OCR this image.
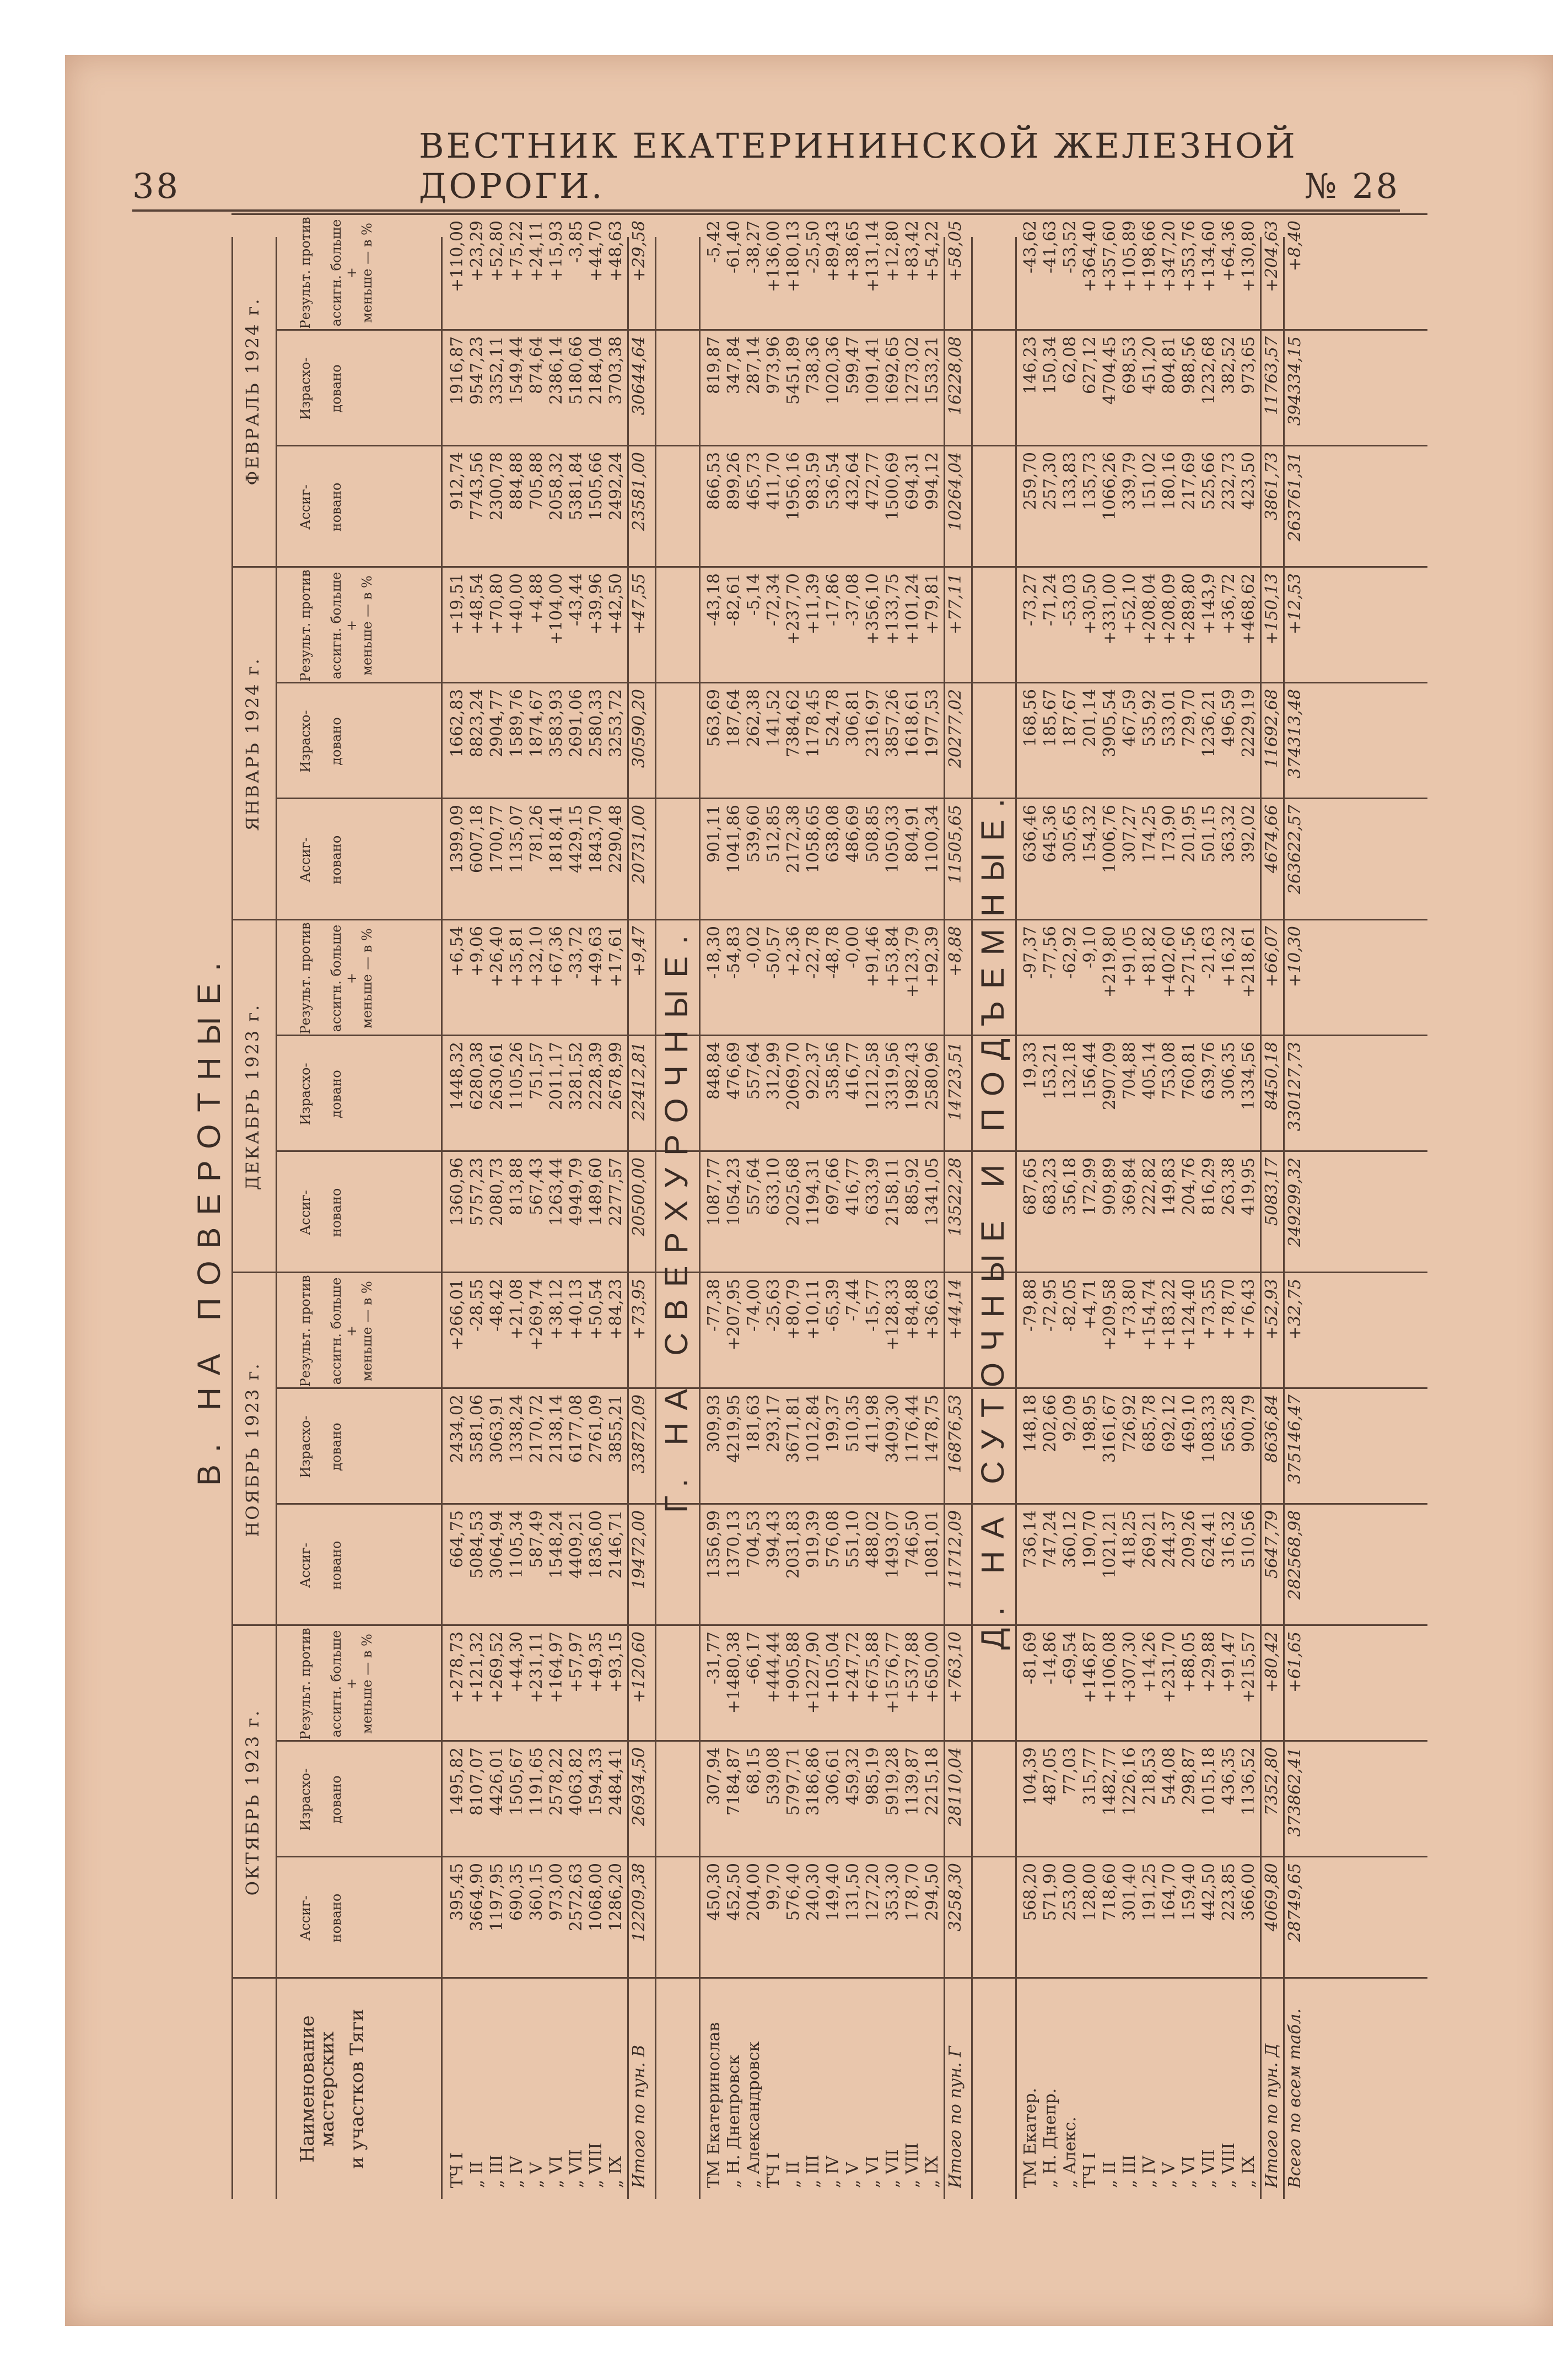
38
ВЕСТНИК ЕКАТЕРИНИНСКОЙ ЖЕЛЕЗНОЙ ДОРОГИ.	№ 28
В. НА ПОВЕРОТНЫЕ.
Наименование мастерских и участков Тяги
ОКТЯБРЬ 1923 г.
Ассиг- новано
Израсхо- довано
Результ. против ассигн. больше + меньше — в %
НОЯБРЬ 1923 г.
Ассиг- новано
Израсхо- довано
Результ. против ассигн. больше + меньше — в %
ДЕКАБРЬ 1923 г.
Ассиг- новано
Израсхо- довано
Результ. против ассигн. больше + меньше — в %
ЯНВАРЬ 1924 г.
Ассиг- новано
Израсхо- довано
Результ. против ассигн. больше + меньше — в %
ФЕВРАЛЬ 1924 г.
Ассиг- новано
Израсхо- довано
Результ. против ассигн. больше + меньше — в %
ТЧ I
395,45
1495,82
+278,73
664,75
2434,02
+266,01
1360,96
1448,32
+6,54
1399,09
1662,83
+19,51
912,74
1916,87
+110,00
„ II
3664,90
8107,07
+121,32
5084,53
3581,06
-28,55
5757,23
6280,38
+9,06
6007,18
8823,24
+48,54
7743,56
9547,23
+23,29
„ III
1197,95
4426,01
+269,52
3064,94
3063,91
-48,42
2080,73
2630,61
+26,40
1700,77
2904,77
+70,80
2300,78
3352,11
+52,80
„ IV
690,35
1505,67
+44,30
1105,34
1338,24
+21,08
813,88
1105,26
+35,81
1135,07
1589,76
+40,00
884,88
1549,44
+75,22
„ V
360,15
1191,65
+231,11
587,49
2170,72
+269,74
567,43
751,57
+32,10
781,26
1874,67
+4,88
705,88
874,64
+24,11
„ VI
973,00
2578,22
+164,97
1548,24
2138,14
+38,12
1263,44
2011,17
+67,36
1818,41
3583,93
+104,00
2058,32
2386,14
+15,93
„ VII
2572,63
4063,82
+57,97
4409,21
6177,08
+40,13
4949,79
3281,52
-33,72
4429,15
2691,06
-43,44
5381,84
5180,66
-3,85
„ VIII
1068,00
1594,33
+49,35
1836,00
2761,09
+50,54
1489,60
2228,39
+49,63
1843,70
2580,33
+39,96
1505,66
2184,04
+44,70
„ IX
1286,20
2484,41
+93,15
2146,71
3855,21
+84,23
2277,57
2678,99
+17,61
2290,48
3253,72
+42,50
2492,24
3703,38
+48,63
Итого по пун. В
12209,38
26934,50
+120,60
19472,00
33872,09
+73,95
20500,00
22412,81
+9,47
20731,00
30590,20
+47,55
23581,00
30644,64
+29,58
Г. НА СВЕРХУРОЧНЫЕ.
ТМ Екатеринослав
450,30
307,94
-31,77
1356,99
309,93
-77,38
1087,77
848,84
-18,30
901,11
563,69
-43,18
866,53
819,87
-5,42
„ Н. Днепровск
452,50
7184,87
+1480,38
1370,13
4219,95
+207,95
1054,23
476,69
-54,83
1041,86
187,64
-82,61
899,26
347,84
-61,40
„ Александровск
204,00
68,15
-66,17
704,53
181,63
-74,00
557,64
557,64
-0,02
539,60
262,38
-5,14
465,73
287,14
-38,27
ТЧ I
99,70
539,08
+444,44
394,43
293,17
-25,63
633,10
312,99
-50,57
512,85
141,52
-72,34
411,70
973,96
+136,00
„ II
576,40
5797,71
+905,88
2031,83
3671,81
+80,79
2025,68
2069,70
+2,36
2172,38
7384,62
+237,70
1956,16
5451,89
+180,13
„ III
240,30
3186,86
+1227,90
919,39
1012,84
+10,11
1194,31
922,37
-22,78
1058,65
1178,45
+11,39
983,59
738,36
-25,50
„ IV
149,40
306,61
+105,04
576,08
199,37
-65,39
697,66
358,56
-48,78
638,08
524,78
-17,86
536,54
1020,36
+89,43
„ V
131,50
459,32
+247,72
551,10
510,35
-7,44
416,77
416,77
-0,00
486,69
306,81
-37,08
432,64
599,47
+38,65
„ VI
127,20
985,19
+675,88
488,02
411,98
-15,77
633,39
1212,58
+91,46
508,85
2316,97
+356,10
472,77
1091,41
+131,14
„ VII
353,30
5919,28
+1576,77
1493,07
3409,30
+128,33
2158,11
3319,56
+53,84
1050,33
3857,26
+133,75
1500,69
1692,65
+12,80
„ VIII
178,70
1139,87
+537,88
746,50
1176,44
+84,88
885,92
1982,43
+123,79
804,91
1618,61
+101,24
694,31
1273,02
+83,42
„ IX
294,50
2215,18
+650,00
1081,01
1478,75
+36,63
1341,05
2580,96
+92,39
1100,34
1977,53
+79,81
994,12
1533,21
+54,22
Итого по пун. Г
3258,30
28110,04
+763,10
11712,09
16876,53
+44,14
13522,28
14723,51
+8,88
11505,65
20277,02
+77,11
10264,04
16228,08
+58,05
Д. НА СУТОЧНЫЕ И ПОДЪЕМНЫЕ.
ТМ Екатер.
568,20
104,39
-81,69
736,14
148,18
-79,88
687,65
19,33
-97,37
636,46
168,56
-73,27
259,70
146,23
-43,62
„ Н. Днепр.
571,90
487,05
-14,86
747,24
202,66
-72,95
683,23
153,21
-77,56
645,36
185,67
-71,24
257,30
150,34
-41,63
„ Алекс.
253,00
77,03
-69,54
360,12
92,09
-82,05
356,18
132,18
-62,92
305,65
187,67
-53,03
133,83
62,08
-53,52
ТЧ I
128,00
315,77
+146,87
190,70
198,95
+4,71
172,99
156,44
-9,10
154,32
201,14
+30,50
135,73
627,12
+364,40
„ II
718,60
1482,77
+106,08
1021,21
3161,67
+209,58
909,89
2907,09
+219,80
1006,76
3905,54
+331,00
1066,26
4704,45
+357,60
„ III
301,40
1226,16
+307,30
418,25
726,92
+73,80
369,84
704,88
+91,05
307,27
467,59
+52,10
339,79
698,53
+105,89
„ IV
191,25
218,53
+14,26
269,21
685,78
+154,74
222,82
405,14
+81,82
174,25
535,92
+208,04
151,02
451,20
+198,66
„ V
164,70
544,08
+231,70
244,37
692,12
+183,22
149,83
753,08
+402,60
173,90
533,01
+208,09
180,16
804,81
+347,20
„ VI
159,40
298,87
+88,05
209,26
469,10
+124,40
204,76
760,81
+271,56
201,95
729,70
+289,80
217,69
988,56
+353,76
„ VII
442,50
1015,18
+29,88
624,41
1083,33
+73,55
816,29
639,76
-21,63
501,15
1236,21
+143,9
525,66
1232,68
+134,60
„ VIII
223,85
436,35
+91,47
316,32
565,28
+78,70
263,38
306,35
+16,32
363,32
496,59
+36,72
232,73
382,52
+64,36
„ IX
366,00
1136,52
+215,57
510,56
900,79
+76,43
419,95
1334,56
+218,61
392,02
2229,19
+468,62
423,50
973,65
+130,80
Итого по пун. Д
4069,80
7352,80
+80,42
5647,79
8636,84
+52,93
5083,17
8450,18
+66,07
4674,66
11692,68
+150,13
3861,73
11763,57
+204,63
Всего по всем табл.
28749,65
373862,41
+61,65
282568,98
375146,47
+32,75
249299,32
330127,73
+10,30
263622,57
374313,48
+12,53
263761,31
394334,15
+8,40
